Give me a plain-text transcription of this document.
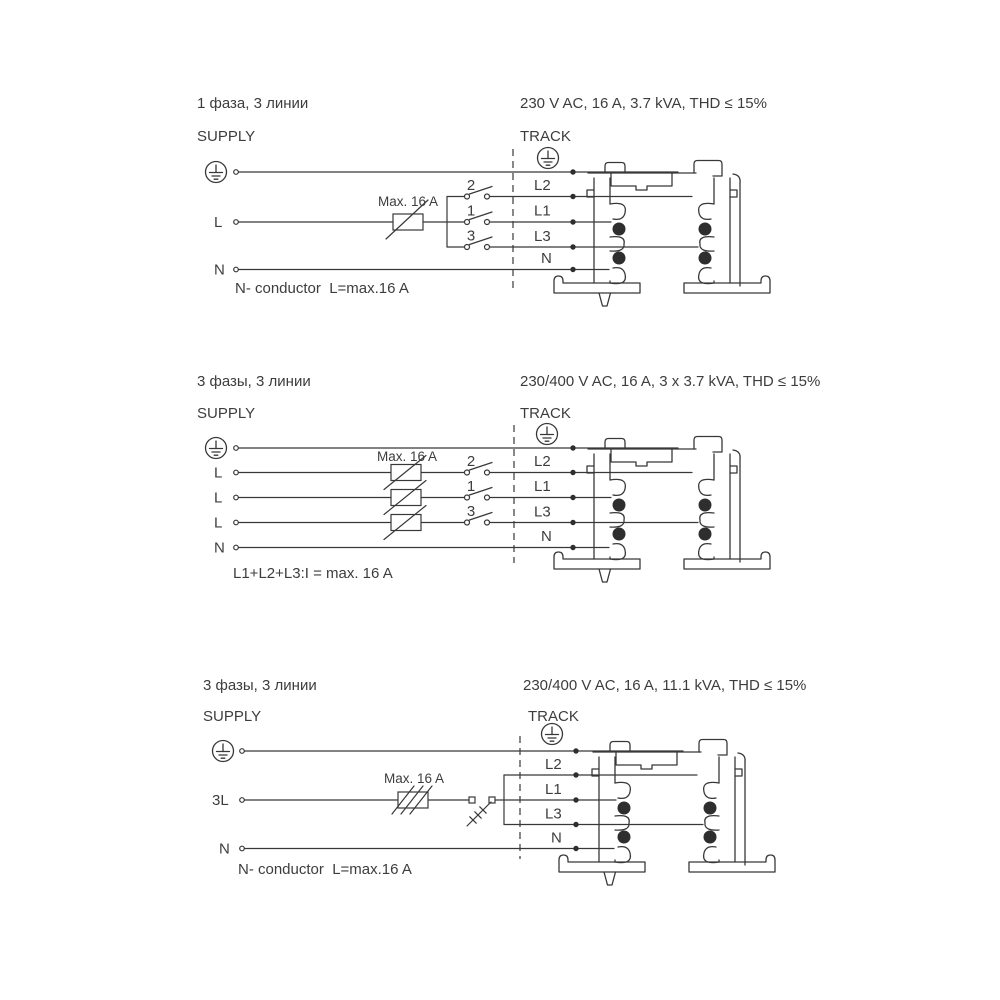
1 фаза, 3 линии	230 V AC, 16 A, 3.7 kVA, THD ≤ 15%
SUPPLY	TRACK
L
N
Max. 16 A
2
1
3
L2
L1
L3
N
N- conductor  L=max.16 A
3 фазы, 3 линии	230/400 V AC, 16 A, 3 x 3.7 kVA, THD ≤ 15%
SUPPLY	TRACK
L
L
L
N
Max. 16 A 2
1
3
L2
L1
L3
N
L1+L2+L3:I = max. 16 A
3 фазы, 3 линии	230/400 V AC, 16 A, 11.1 kVA, THD ≤ 15%
SUPPLY	TRACK
3L
N
Max. 16 A
L2
L1
L3
N
N- conductor  L=max.16 A
